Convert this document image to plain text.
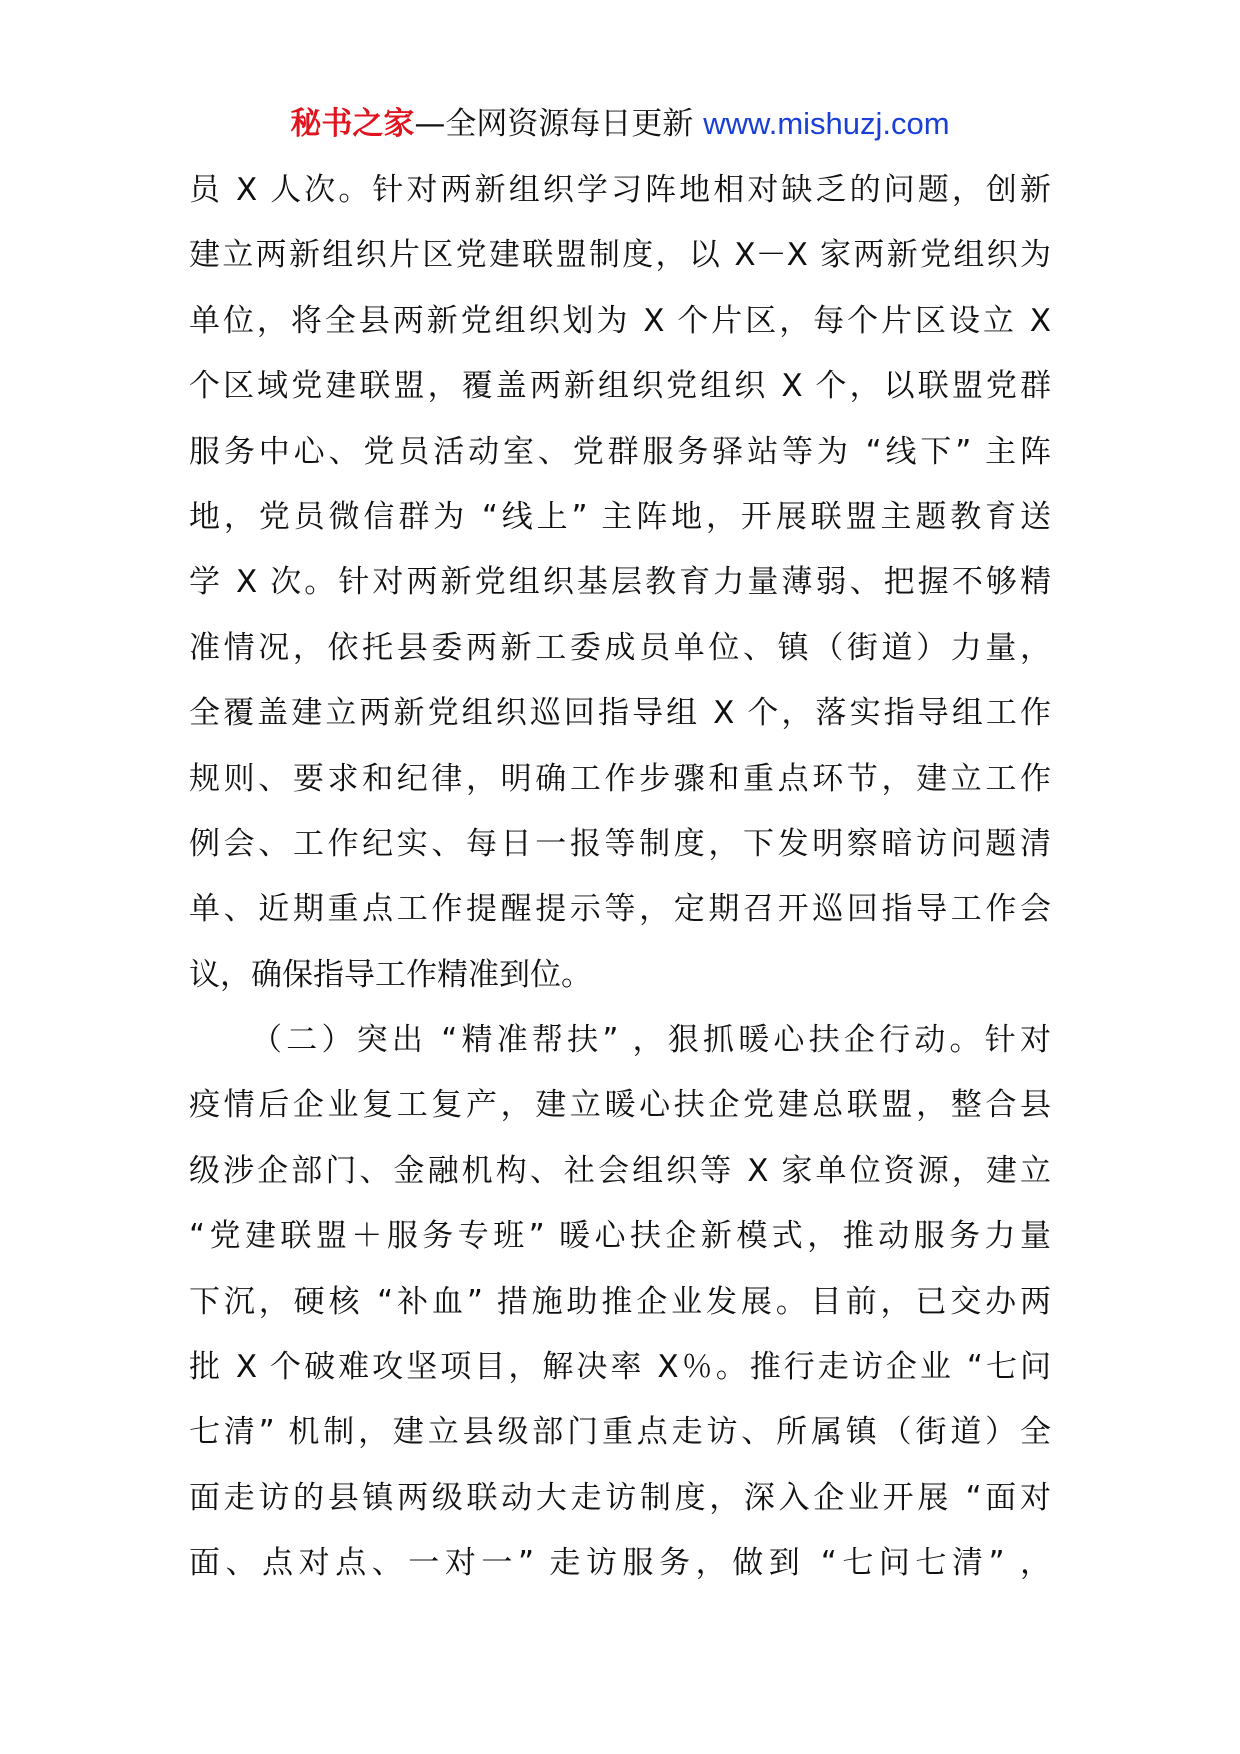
秘书之家—全网资源每日更新 www.mishuzj.com
员 X 人次。针对两新组织学习阵地相对缺乏的问题，创新
建立两新组织片区党建联盟制度，以 X－X 家两新党组织为
单位，将全县两新党组织划为 X 个片区，每个片区设立 X
个区域党建联盟，覆盖两新组织党组织 X 个，以联盟党群
服务中心、党员活动室、党群服务驿站等为 “线下” 主阵
地，党员微信群为 “线上” 主阵地，开展联盟主题教育送
学 X 次。针对两新党组织基层教育力量薄弱、把握不够精
准情况，依托县委两新工委成员单位、镇（街道）力量，
全覆盖建立两新党组织巡回指导组 X 个，落实指导组工作
规则、要求和纪律，明确工作步骤和重点环节，建立工作
例会、工作纪实、每日一报等制度，下发明察暗访问题清
单、近期重点工作提醒提示等，定期召开巡回指导工作会
议，确保指导工作精准到位。
（二）突出 “精准帮扶” ，狠抓暖心扶企行动。针对
疫情后企业复工复产，建立暖心扶企党建总联盟，整合县
级涉企部门、金融机构、社会组织等 X 家单位资源，建立
“党建联盟＋服务专班” 暖心扶企新模式，推动服务力量
下沉，硬核 “补血” 措施助推企业发展。目前，已交办两
批 X 个破难攻坚项目，解决率 X％。推行走访企业 “七问
七清” 机制，建立县级部门重点走访、所属镇（街道）全
面走访的县镇两级联动大走访制度，深入企业开展 “面对
面、点对点、一对一” 走访服务，做到 “七问七清” ，
